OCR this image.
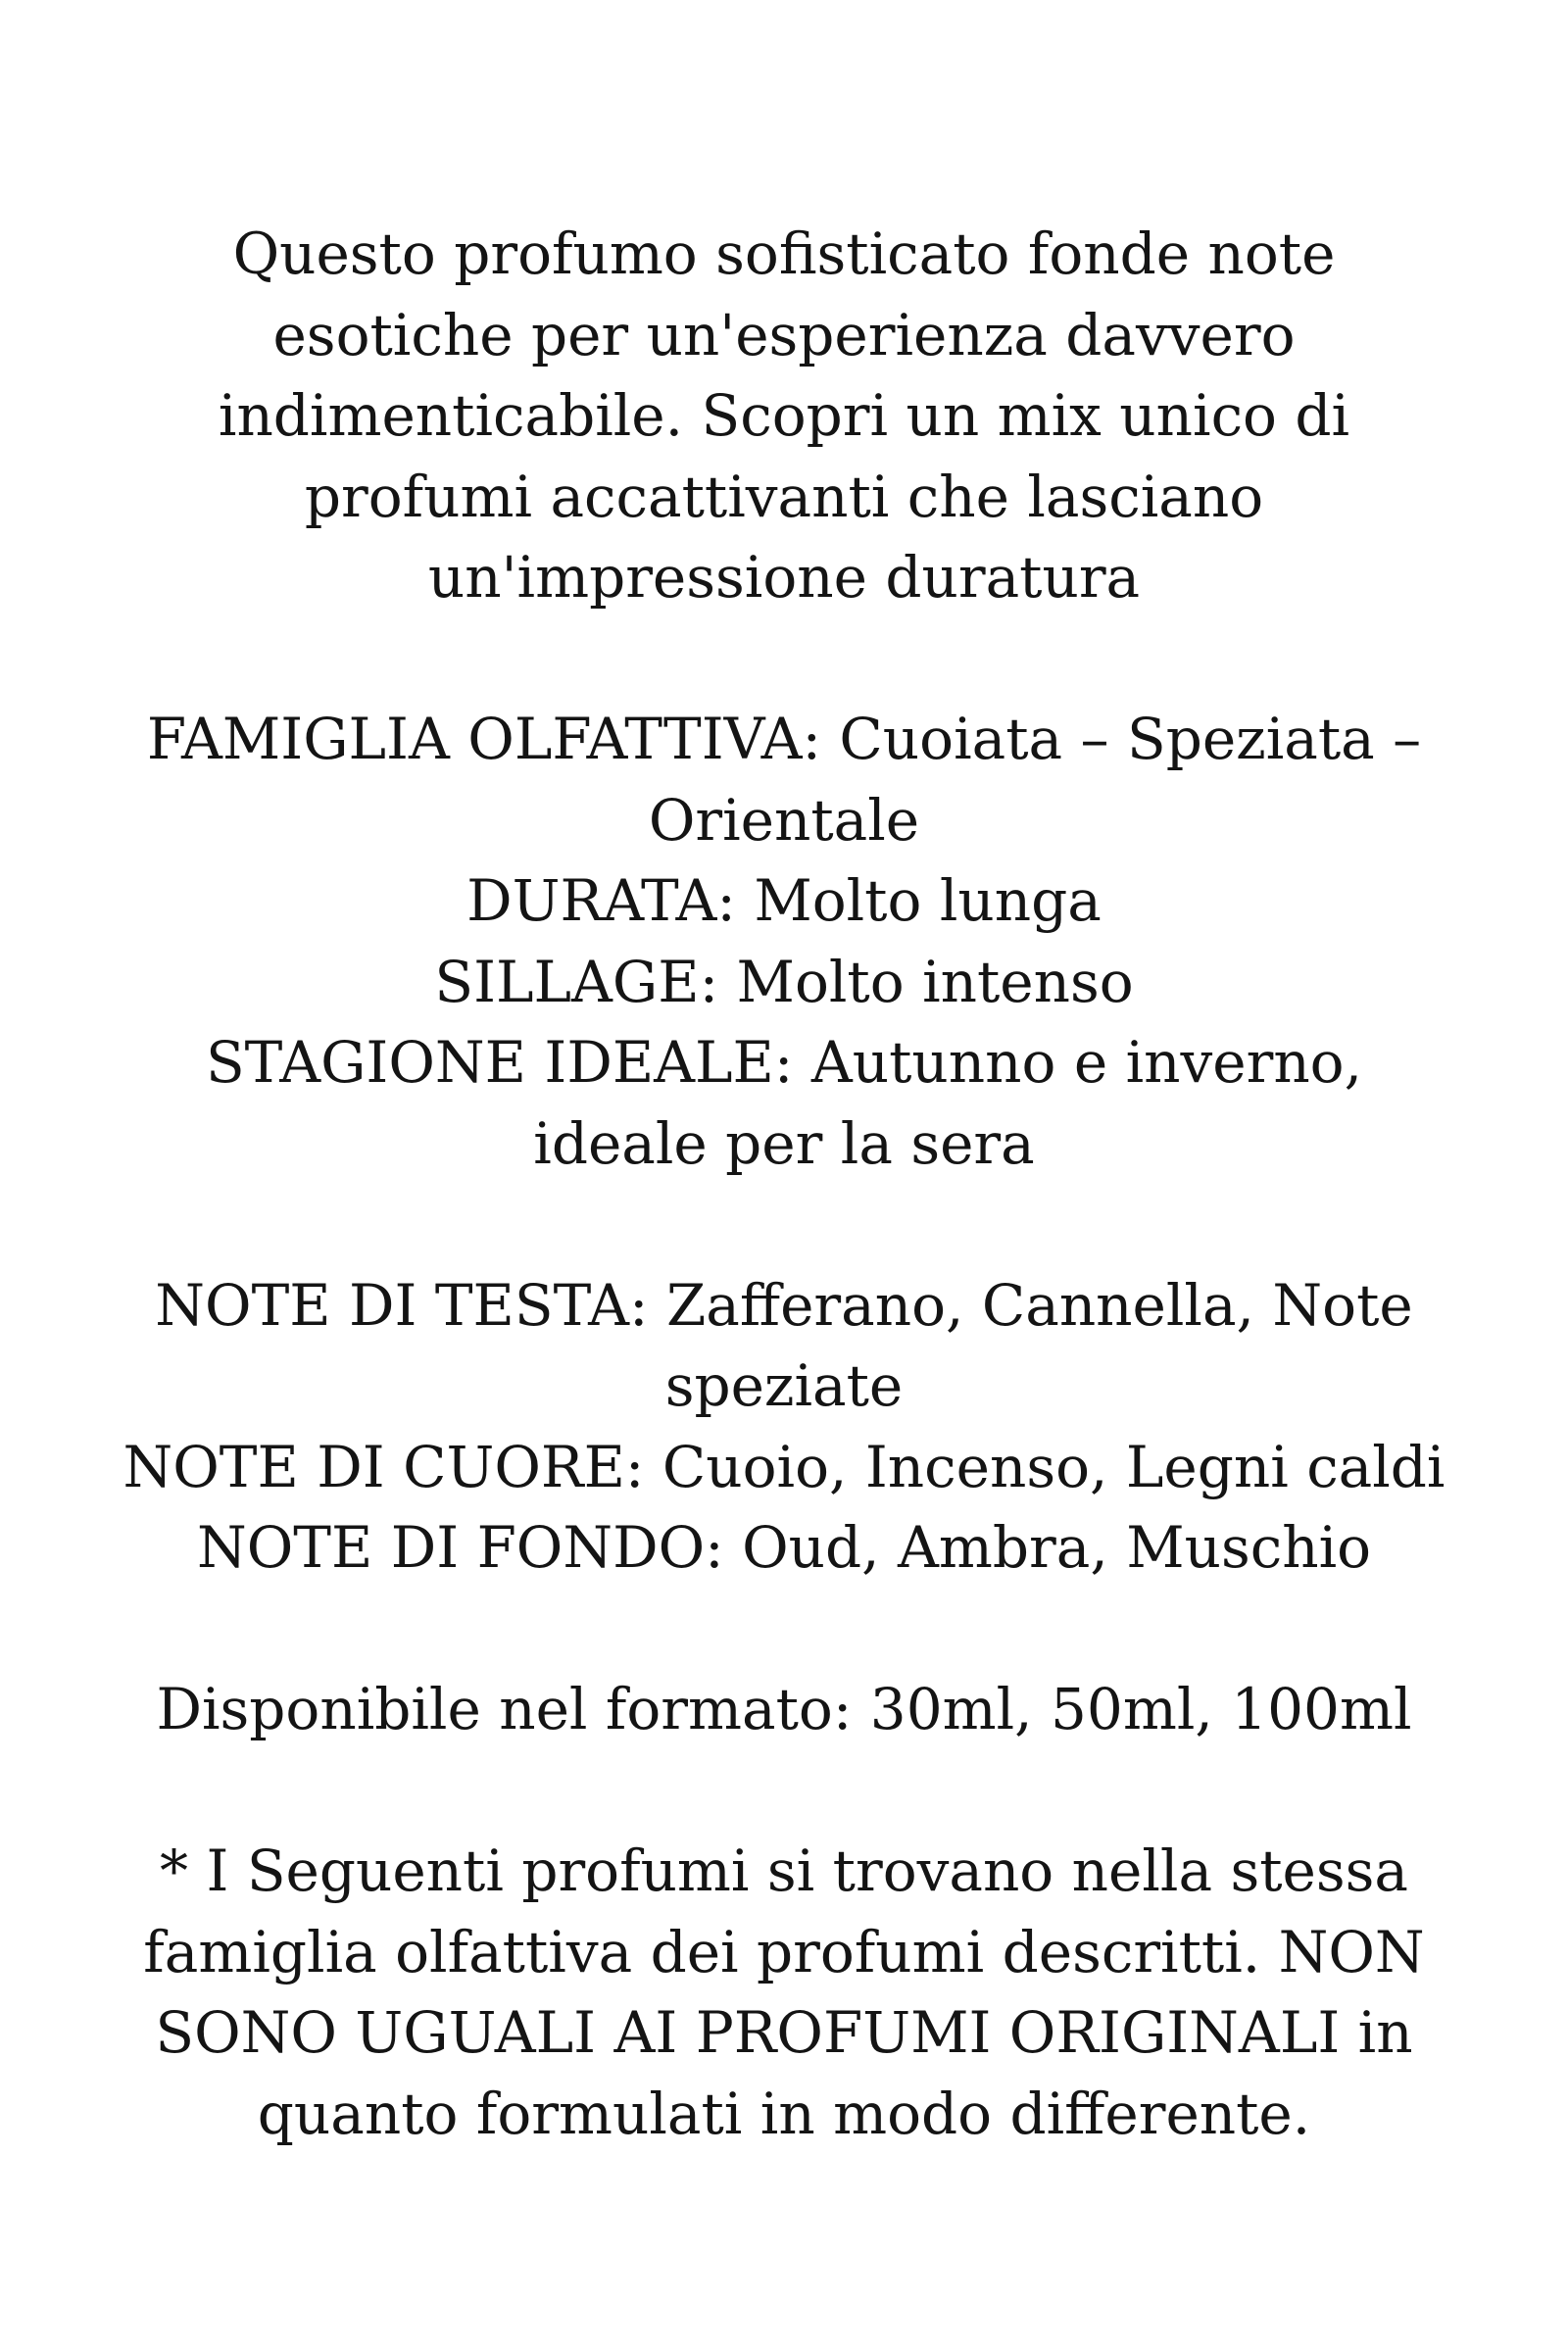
Questo profumo sofisticato fonde note
esotiche per un'esperienza davvero
indimenticabile. Scopri un mix unico di
profumi accattivanti che lasciano
un'impressione duratura

FAMIGLIA OLFATTIVA: Cuoiata – Speziata –
Orientale
DURATA: Molto lunga
SILLAGE: Molto intenso
STAGIONE IDEALE: Autunno e inverno,
ideale per la sera

NOTE DI TESTA: Zafferano, Cannella, Note
speziate
NOTE DI CUORE: Cuoio, Incenso, Legni caldi
NOTE DI FONDO: Oud, Ambra, Muschio

Disponibile nel formato: 30ml, 50ml, 100ml

* I Seguenti profumi si trovano nella stessa
famiglia olfattiva dei profumi descritti. NON
SONO UGUALI AI PROFUMI ORIGINALI in
quanto formulati in modo differente.
